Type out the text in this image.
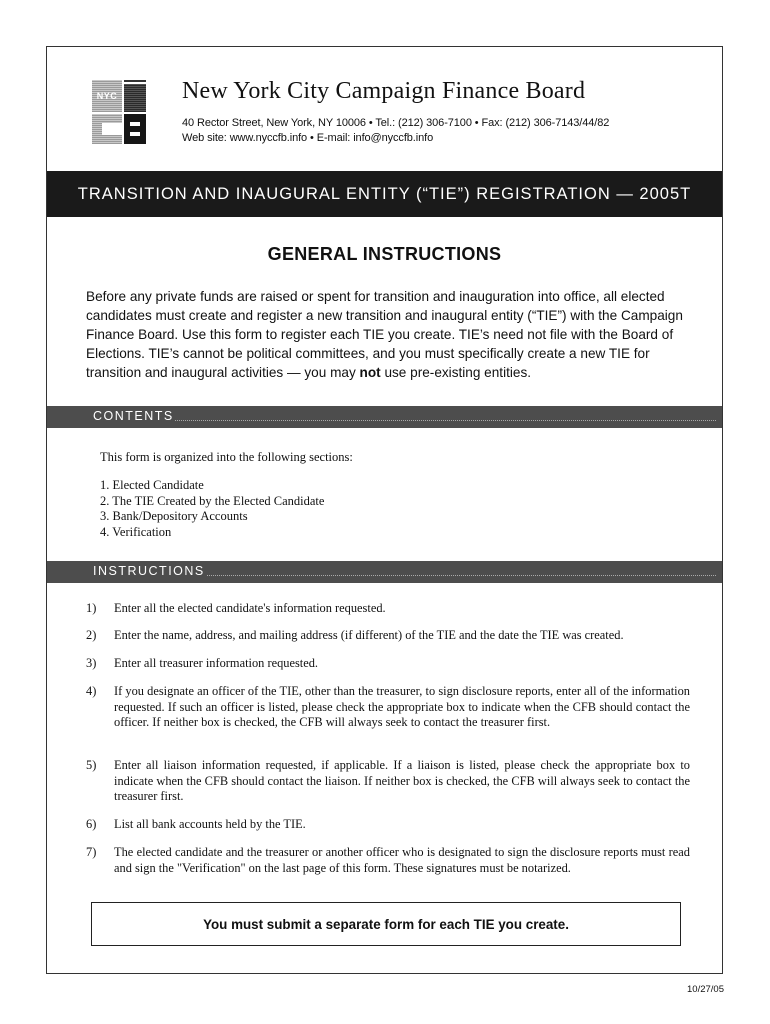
NYC	New York City Campaign Finance Board
40 Rector Street, New York, NY 10006 • Tel.: (212) 306-7100 • Fax: (212) 306-7143/44/82
Web site: www.nyccfb.info • E-mail: info@nyccfb.info
TRANSITION AND INAUGURAL ENTITY (“TIE”) REGISTRATION — 2005T
GENERAL INSTRUCTIONS

Before any private funds are raised or spent for transition and inauguration into office, all elected candidates must create and register a new transition and inaugural entity (“TIE”) with the Campaign Finance Board. Use this form to register each TIE you create. TIE’s need not file with the Board of Elections. TIE’s cannot be political committees, and you must specifically create a new TIE for transition and inaugural activities — you may not use pre-existing entities.

CONTENTS
This form is organized into the following sections:
1. Elected Candidate
2. The TIE Created by the Elected Candidate
3. Bank/Depository Accounts
4. Verification
INSTRUCTIONS
1)	Enter all the elected candidate's information requested.
2)	Enter the name, address, and mailing address (if different) of the TIE and the date the TIE was created.
3)	Enter all treasurer information requested.
4)	If you designate an officer of the TIE, other than the treasurer, to sign disclosure reports, enter all of the information requested. If such an officer is listed, please check the appropriate box to indicate when the CFB should contact the officer. If neither box is checked, the CFB will always seek to contact the treasurer first.
5)	Enter all liaison information requested, if applicable. If a liaison is listed, please check the appropriate box to indicate when the CFB should contact the liaison. If neither box is checked, the CFB will always seek to contact the treasurer first.
6)	List all bank accounts held by the TIE.
7)	The elected candidate and the treasurer or another officer who is designated to sign the disclosure reports must read and sign the "Verification" on the last page of this form. These signatures must be notarized.
You must submit a separate form for each TIE you create.
10/27/05
